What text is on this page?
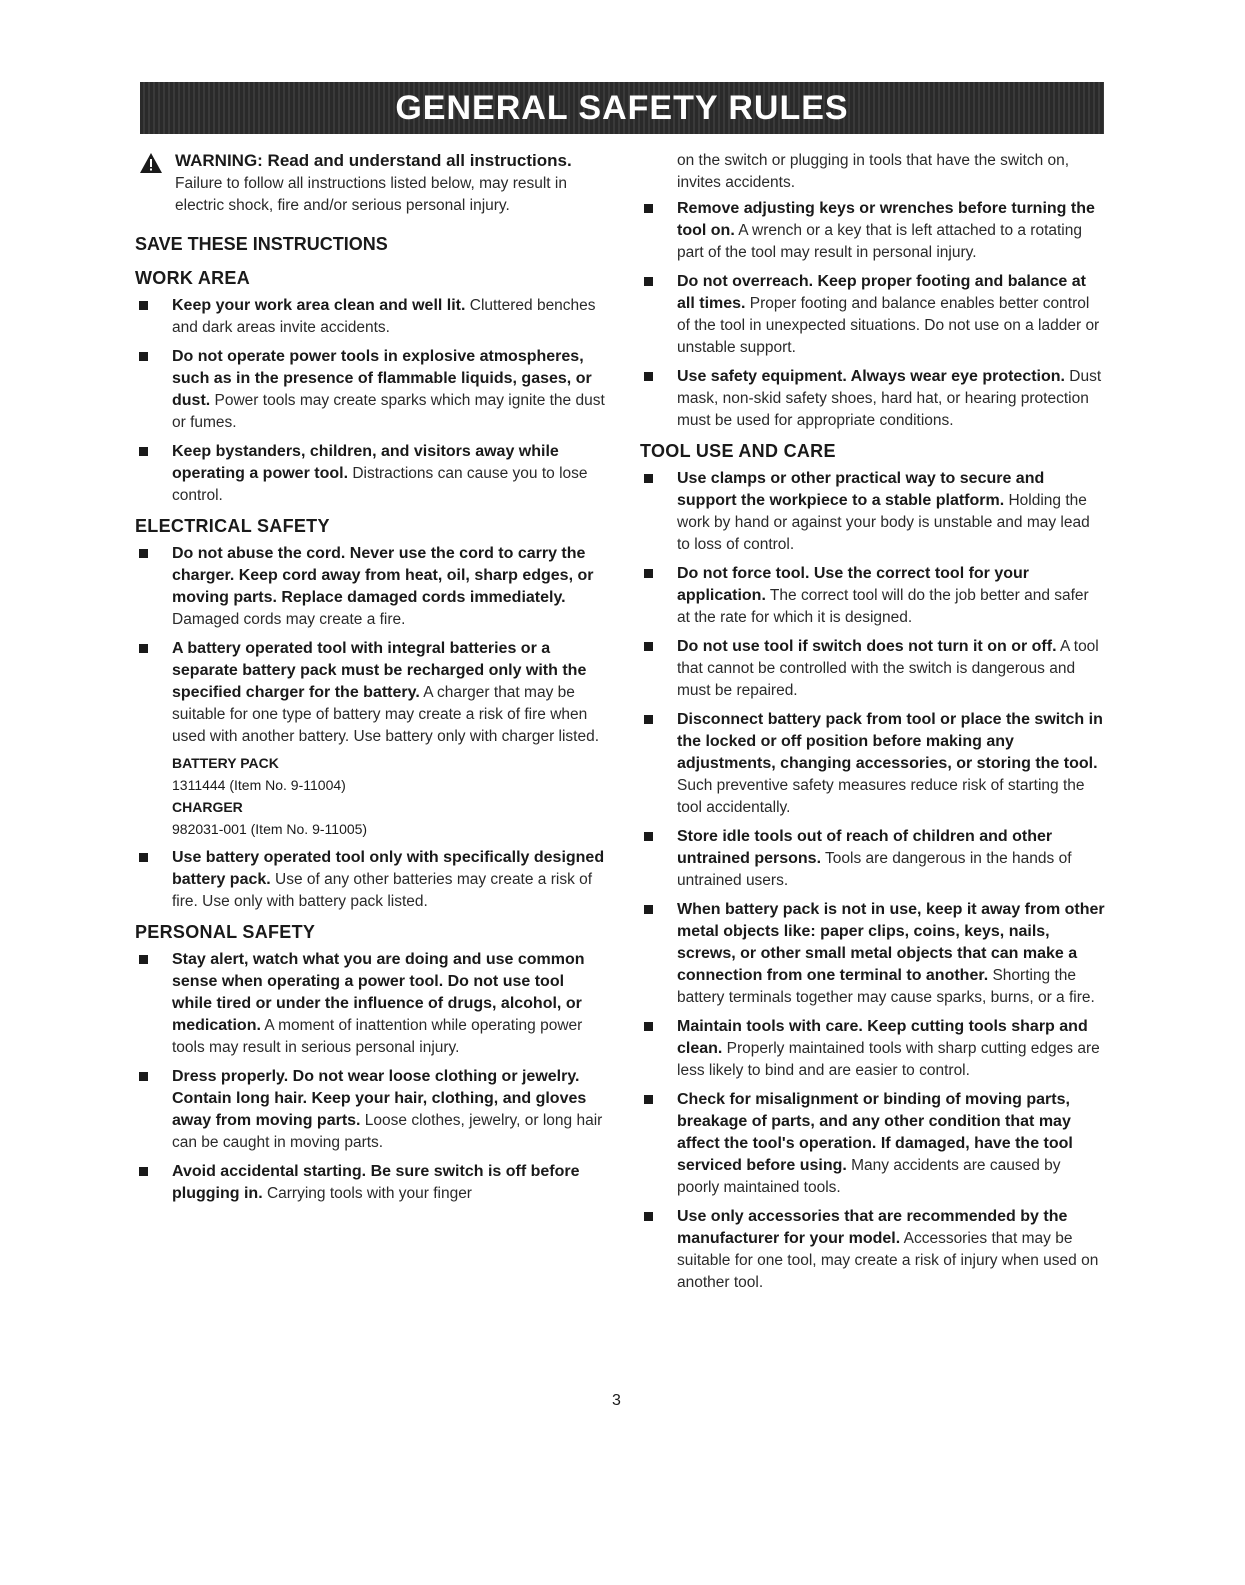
GENERAL SAFETY RULES
WARNING: Read and understand all instructions. Failure to follow all instructions listed below, may result in electric shock, fire and/or serious personal injury.
SAVE THESE INSTRUCTIONS
WORK AREA
Keep your work area clean and well lit. Cluttered benches and dark areas invite accidents.
Do not operate power tools in explosive atmospheres, such as in the presence of flammable liquids, gases, or dust. Power tools may create sparks which may ignite the dust or fumes.
Keep bystanders, children, and visitors away while operating a power tool. Distractions can cause you to lose control.
ELECTRICAL SAFETY
Do not abuse the cord. Never use the cord to carry the charger. Keep cord away from heat, oil, sharp edges, or moving parts. Replace damaged cords immediately. Damaged cords may create a fire.
A battery operated tool with integral batteries or a separate battery pack must be recharged only with the specified charger for the battery. A charger that may be suitable for one type of battery may create a risk of fire when used with another battery. Use battery only with charger listed.
BATTERY PACK
1311444 (Item No. 9-11004)
CHARGER
982031-001 (Item No. 9-11005)
Use battery operated tool only with specifically designed battery pack. Use of any other batteries may create a risk of fire. Use only with battery pack listed.
PERSONAL SAFETY
Stay alert, watch what you are doing and use common sense when operating a power tool. Do not use tool while tired or under the influence of drugs, alcohol, or medication. A moment of inattention while operating power tools may result in serious personal injury.
Dress properly. Do not wear loose clothing or jewelry. Contain long hair. Keep your hair, clothing, and gloves away from moving parts. Loose clothes, jewelry, or long hair can be caught in moving parts.
Avoid accidental starting. Be sure switch is off before plugging in. Carrying tools with your finger
on the switch or plugging in tools that have the switch on, invites accidents.
Remove adjusting keys or wrenches before turning the tool on. A wrench or a key that is left attached to a rotating part of the tool may result in personal injury.
Do not overreach. Keep proper footing and balance at all times. Proper footing and balance enables better control of the tool in unexpected situations. Do not use on a ladder or unstable support.
Use safety equipment. Always wear eye protection. Dust mask, non-skid safety shoes, hard hat, or hearing protection must be used for appropriate conditions.
TOOL USE AND CARE
Use clamps or other practical way to secure and support the workpiece to a stable platform. Holding the work by hand or against your body is unstable and may lead to loss of control.
Do not force tool. Use the correct tool for your application. The correct tool will do the job better and safer at the rate for which it is designed.
Do not use tool if switch does not turn it on or off. A tool that cannot be controlled with the switch is dangerous and must be repaired.
Disconnect battery pack from tool or place the switch in the locked or off position before making any adjustments, changing accessories, or storing the tool. Such preventive safety measures reduce risk of starting the tool accidentally.
Store idle tools out of reach of children and other untrained persons. Tools are dangerous in the hands of untrained users.
When battery pack is not in use, keep it away from other metal objects like: paper clips, coins, keys, nails, screws, or other small metal objects that can make a connection from one terminal to another. Shorting the battery terminals together may cause sparks, burns, or a fire.
Maintain tools with care. Keep cutting tools sharp and clean. Properly maintained tools with sharp cutting edges are less likely to bind and are easier to control.
Check for misalignment or binding of moving parts, breakage of parts, and any other condition that may affect the tool's operation. If damaged, have the tool serviced before using. Many accidents are caused by poorly maintained tools.
Use only accessories that are recommended by the manufacturer for your model. Accessories that may be suitable for one tool, may create a risk of injury when used on another tool.
3
